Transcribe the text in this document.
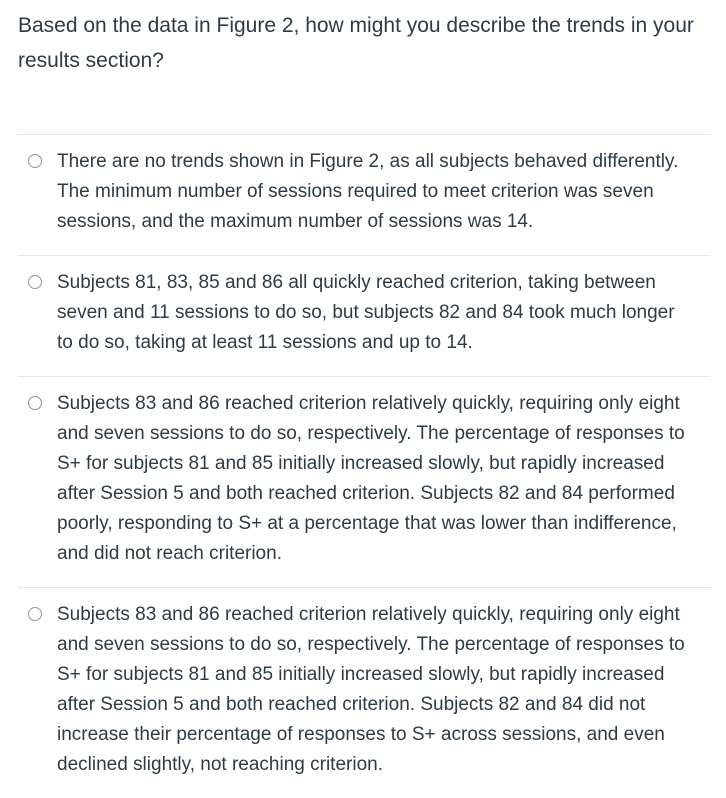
Based on the data in Figure 2, how might you describe the trends in your results section?

There are no trends shown in Figure 2, as all subjects behaved differently. The minimum number of sessions required to meet criterion was seven sessions, and the maximum number of sessions was 14.
Subjects 81, 83, 85 and 86 all quickly reached criterion, taking between seven and 11 sessions to do so, but subjects 82 and 84 took much longer to do so, taking at least 11 sessions and up to 14.
Subjects 83 and 86 reached criterion relatively quickly, requiring only eight and seven sessions to do so, respectively. The percentage of responses to S+ for subjects 81 and 85 initially increased slowly, but rapidly increased after Session 5 and both reached criterion. Subjects 82 and 84 performed poorly, responding to S+ at a percentage that was lower than indifference, and did not reach criterion.
Subjects 83 and 86 reached criterion relatively quickly, requiring only eight and seven sessions to do so, respectively. The percentage of responses to S+ for subjects 81 and 85 initially increased slowly, but rapidly increased after Session 5 and both reached criterion. Subjects 82 and 84 did not increase their percentage of responses to S+ across sessions, and even declined slightly, not reaching criterion.
